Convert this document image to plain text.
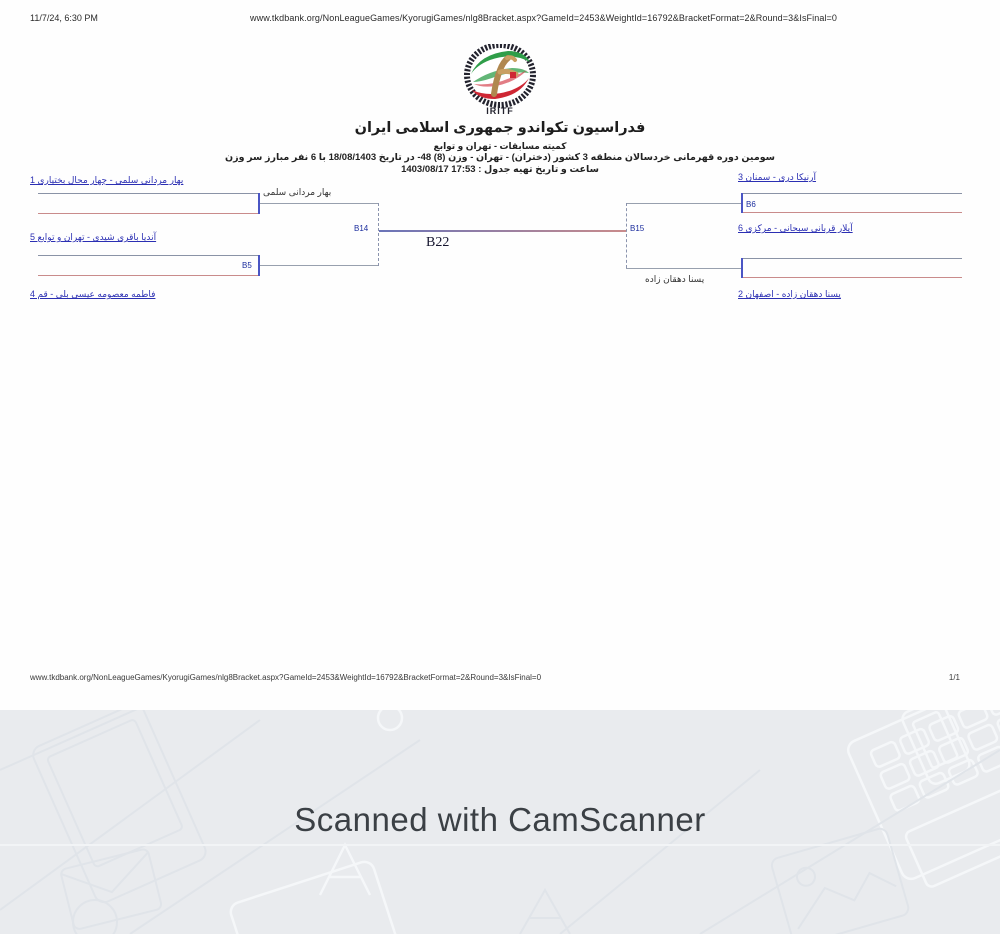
11/7/24, 6:30 PM	www.tkdbank.org/NonLeagueGames/KyorugiGames/nlg8Bracket.aspx?GameId=2453&WeightId=16792&BracketFormat=2&Round=3&IsFinal=0
IRITF
فدراسیون تکواندو جمهوری اسلامی ایران
کمیته مسابقات - تهران و توابع
سومین دوره قهرمانی خردسالان منطقه 3 کشور (دختران) - تهران - وزن (8) 48- در تاریخ 18/08/1403 با 6 نفر مبارز سر وزن
ساعت و تاریخ تهیه جدول : 17:53 1403/08/17
بهار مردانی سلمی - چهار محال بختیاری 1
آندیا باقری شیدی - تهران و توابع 5
فاطمه معصومه عیسی بلی - قم 4
آرنیکا دری - سمنان 3
آیلار قربانی سبحانی - مرکزی 6
یسنا دهقان زاده - اصفهان 2
بهار مردانی سلمی
B5
B14
B22
B6
یسنا دهقان زاده
B15
www.tkdbank.org/NonLeagueGames/KyorugiGames/nlg8Bracket.aspx?GameId=2453&WeightId=16792&BracketFormat=2&Round=3&IsFinal=0	1/1
Scanned with CamScanner
